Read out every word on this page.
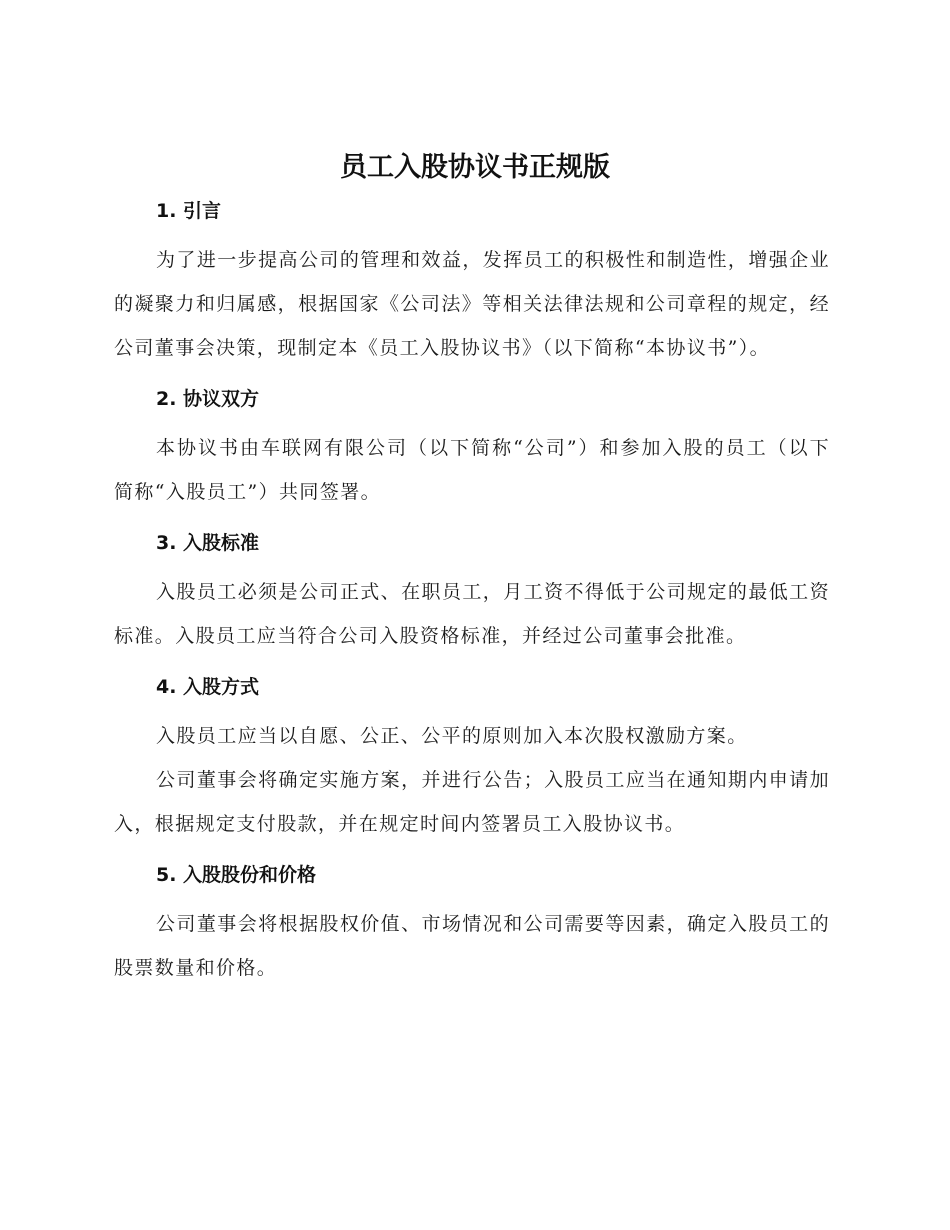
员工入股协议书正规版
1. 引言

为了进一步提高公司的管理和效益，发挥员工的积极性和制造性，增强企业的凝聚力和归属感，根据国家《公司法》等相关法律法规和公司章程的规定，经公司董事会决策，现制定本《员工入股协议书》（以下简称“本协议书”）。

2. 协议双方

本协议书由车联网有限公司（以下简称“公司”）和参加入股的员工（以下简称“入股员工”）共同签署。

3. 入股标准

入股员工必须是公司正式、在职员工，月工资不得低于公司规定的最低工资标准。入股员工应当符合公司入股资格标准，并经过公司董事会批准。

4. 入股方式

入股员工应当以自愿、公正、公平的原则加入本次股权激励方案。

公司董事会将确定实施方案，并进行公告；入股员工应当在通知期内申请加入，根据规定支付股款，并在规定时间内签署员工入股协议书。

5. 入股股份和价格

公司董事会将根据股权价值、市场情况和公司需要等因素，确定入股员工的股票数量和价格。
